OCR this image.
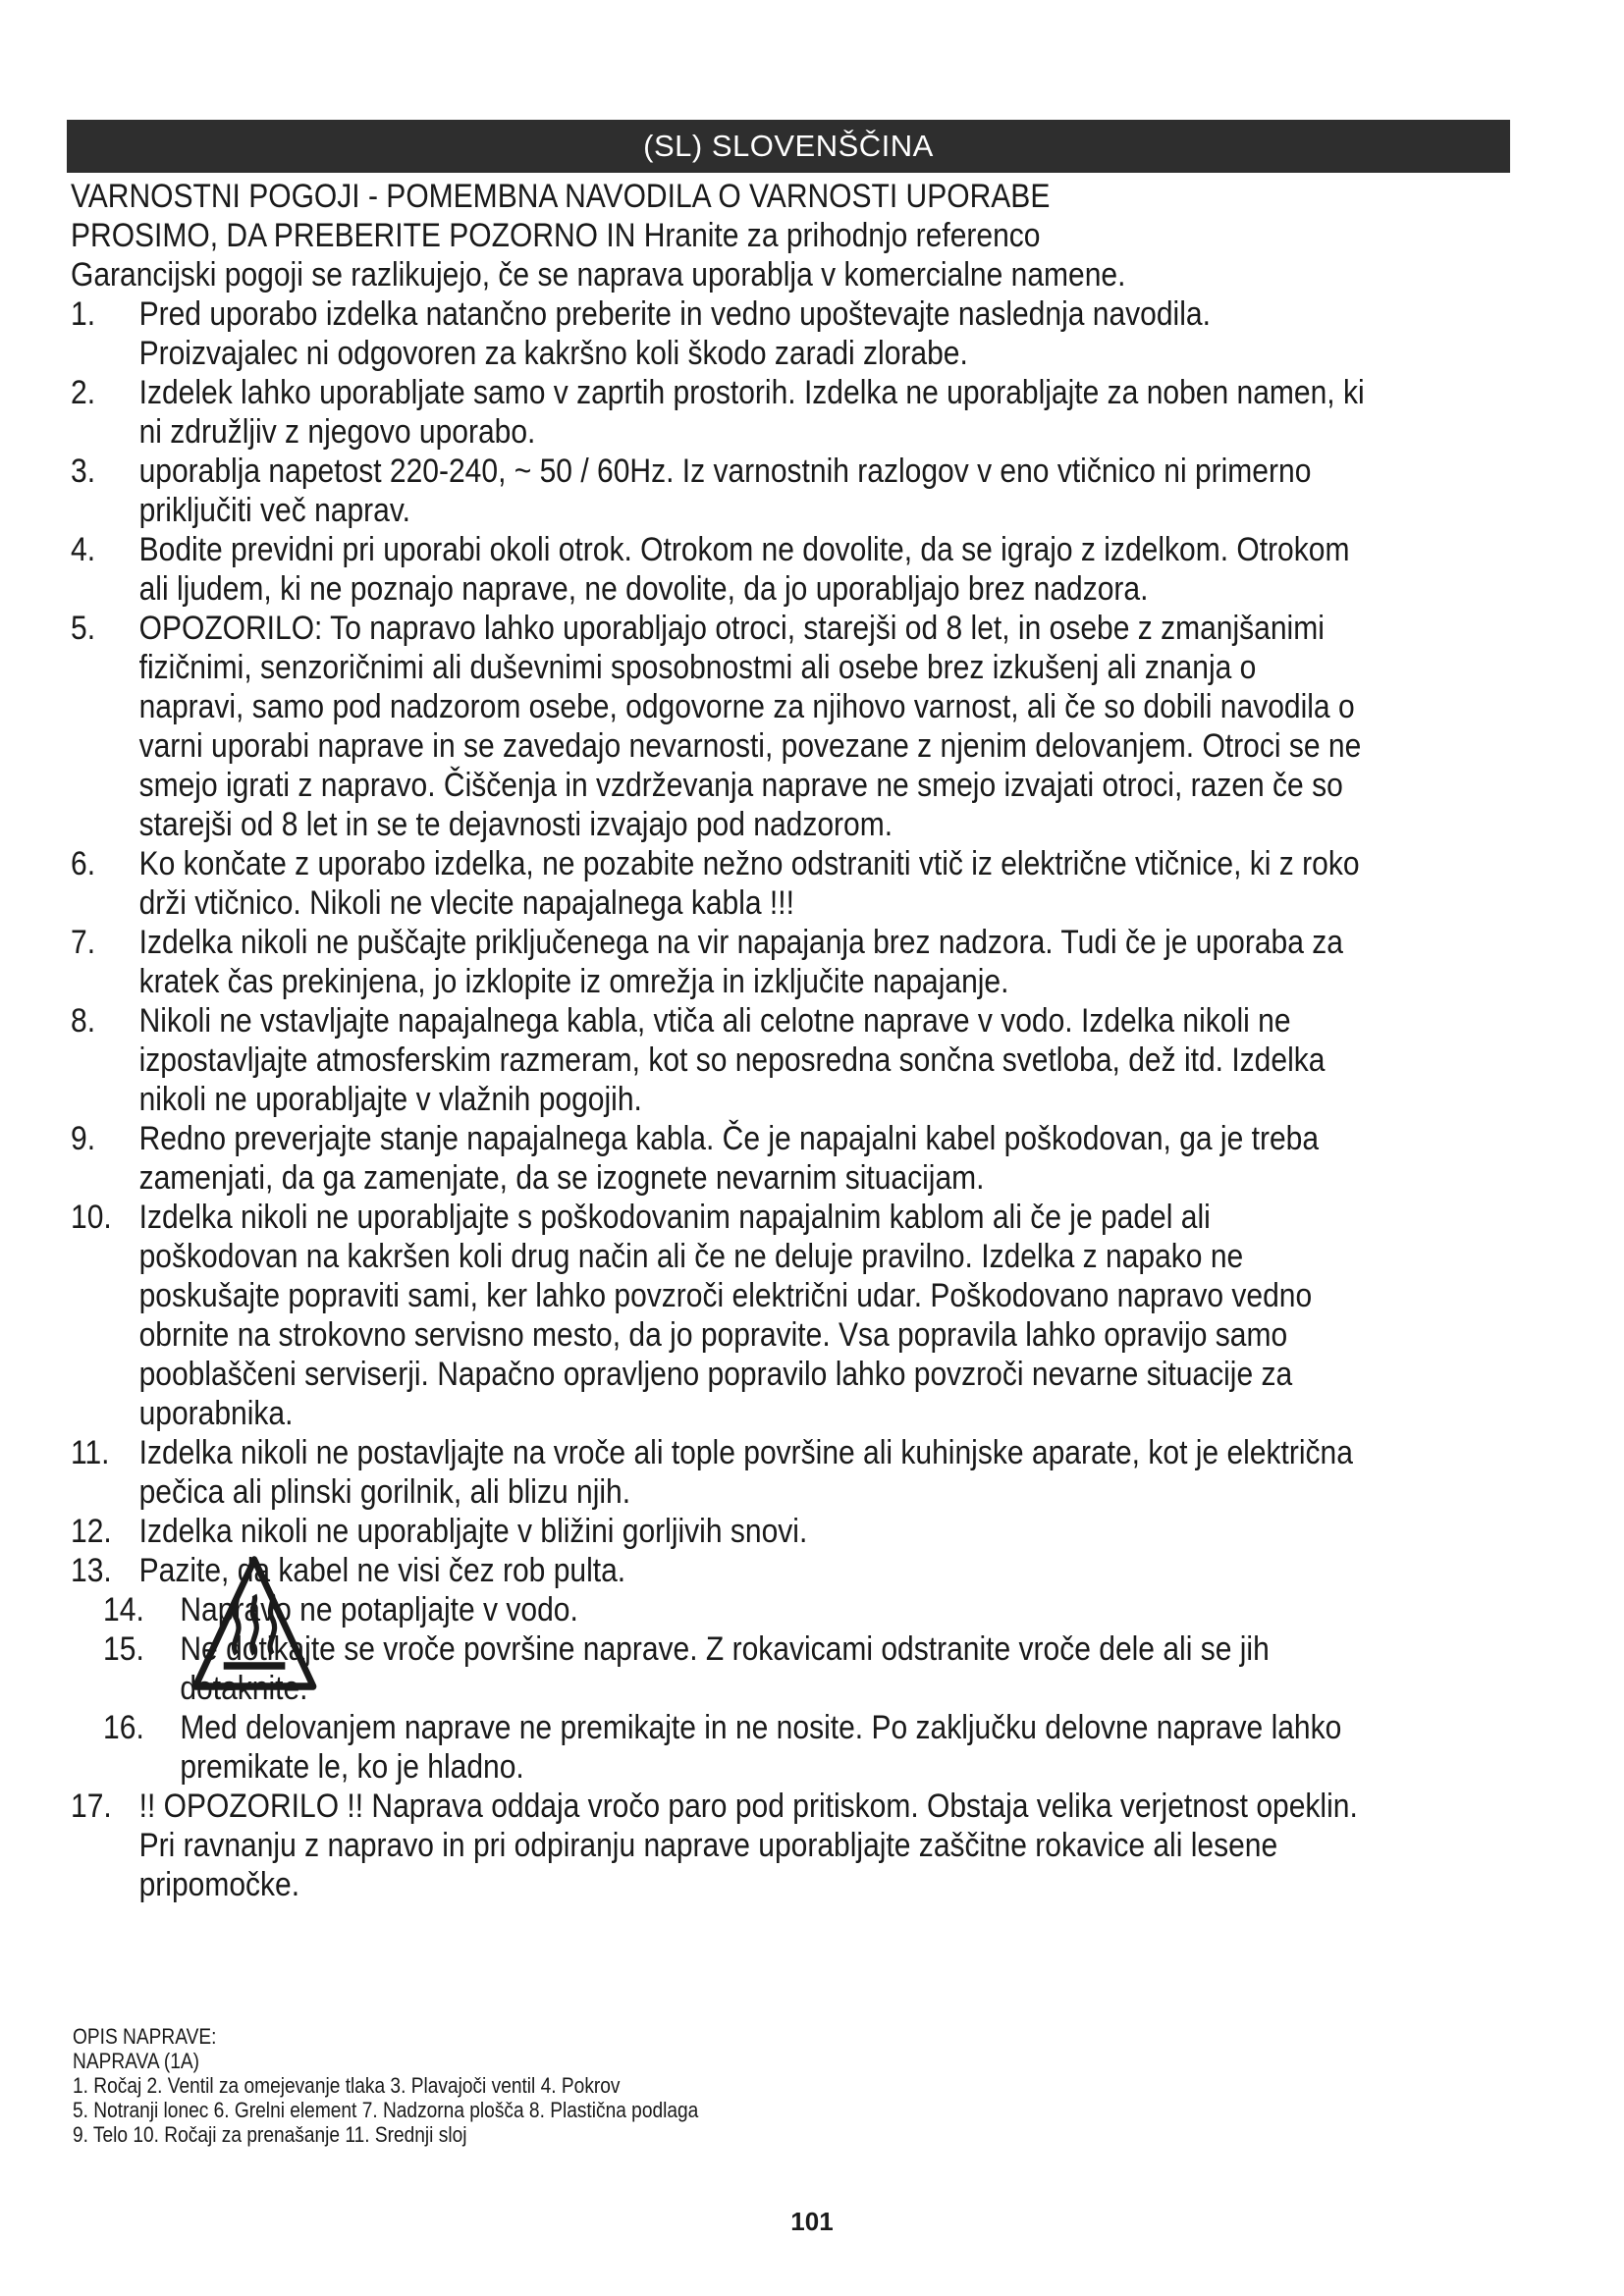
(SL) SLOVENŠČINA

VARNOSTNI POGOJI - POMEMBNA NAVODILA O VARNOSTI UPORABE

PROSIMO, DA PREBERITE POZORNO IN Hranite za prihodnjo referenco

Garancijski pogoji se razlikujejo, če se naprava uporablja v komercialne namene.

1. Pred uporabo izdelka natančno preberite in vedno upoštevajte naslednja navodila. Proizvajalec ni odgovoren za kakršno koli škodo zaradi zlorabe.
2. Izdelek lahko uporabljate samo v zaprtih prostorih. Izdelka ne uporabljajte za noben namen, ki ni združljiv z njegovo uporabo.
3. uporablja napetost 220-240, ~ 50 / 60Hz. Iz varnostnih razlogov v eno vtičnico ni primerno priključiti več naprav.
4. Bodite previdni pri uporabi okoli otrok. Otrokom ne dovolite, da se igrajo z izdelkom. Otrokom ali ljudem, ki ne poznajo naprave, ne dovolite, da jo uporabljajo brez nadzora.
5. OPOZORILO: To napravo lahko uporabljajo otroci, starejši od 8 let, in osebe z zmanjšanimi fizičnimi, senzoričnimi ali duševnimi sposobnostmi ali osebe brez izkušenj ali znanja o napravi, samo pod nadzorom osebe, odgovorne za njihovo varnost, ali če so dobili navodila o varni uporabi naprave in se zavedajo nevarnosti, povezane z njenim delovanjem. Otroci se ne smejo igrati z napravo. Čiščenja in vzdrževanja naprave ne smejo izvajati otroci, razen če so starejši od 8 let in se te dejavnosti izvajajo pod nadzorom.
6. Ko končate z uporabo izdelka, ne pozabite nežno odstraniti vtič iz električne vtičnice, ki z roko drži vtičnico. Nikoli ne vlecite napajalnega kabla !!!
7. Izdelka nikoli ne puščajte priključenega na vir napajanja brez nadzora. Tudi če je uporaba za kratek čas prekinjena, jo izklopite iz omrežja in izključite napajanje.
8. Nikoli ne vstavljajte napajalnega kabla, vtiča ali celotne naprave v vodo. Izdelka nikoli ne izpostavljajte atmosferskim razmeram, kot so neposredna sončna svetloba, dež itd. Izdelka nikoli ne uporabljajte v vlažnih pogojih.
9. Redno preverjajte stanje napajalnega kabla. Če je napajalni kabel poškodovan, ga je treba zamenjati, da ga zamenjate, da se izognete nevarnim situacijam.
10. Izdelka nikoli ne uporabljajte s poškodovanim napajalnim kablom ali če je padel ali poškodovan na kakršen koli drug način ali če ne deluje pravilno. Izdelka z napako ne poskušajte popraviti sami, ker lahko povzroči električni udar. Poškodovano napravo vedno obrnite na strokovno servisno mesto, da jo popravite. Vsa popravila lahko opravijo samo pooblaščeni serviserji. Napačno opravljeno popravilo lahko povzroči nevarne situacije za uporabnika.
11. Izdelka nikoli ne postavljajte na vroče ali tople površine ali kuhinjske aparate, kot je električna pečica ali plinski gorilnik, ali blizu njih.
12. Izdelka nikoli ne uporabljajte v bližini gorljivih snovi.
13. Pazite, da kabel ne visi čez rob pulta.
14. Napravo ne potapljajte v vodo.
15. Ne dotikajte se vroče površine naprave. Z rokavicami odstranite vroče dele ali se jih dotaknite.
16. Med delovanjem naprave ne premikajte in ne nosite. Po zaključku delovne naprave lahko premikate le, ko je hladno.
17. !! OPOZORILO !! Naprava oddaja vročo paro pod pritiskom. Obstaja velika verjetnost opeklin. Pri ravnanju z napravo in pri odpiranju naprave uporabljajte zaščitne rokavice ali lesene pripomočke.

OPIS NAPRAVE:

NAPRAVA (1A)

1. Ročaj 2. Ventil za omejevanje tlaka 3. Plavajoči ventil 4. Pokrov

5. Notranji lonec 6. Grelni element 7. Nadzorna plošča 8. Plastična podlaga

9. Telo 10. Ročaji za prenašanje 11. Srednji sloj

101
